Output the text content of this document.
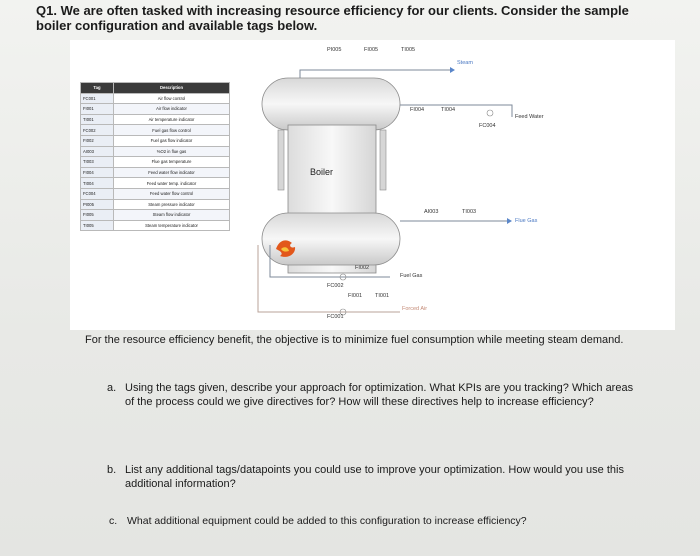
Q1. We are often tasked with increasing resource efficiency for our clients. Consider the sample boiler configuration and available tags below.
Tag	Description
FC001	Air flow control
FI001	Air flow indicator
TI001	Air temperature indicator
FC002	Fuel gas flow control
FI002	Fuel gas flow indicator
AI003	%O2 in flue gas
TI003	Flue gas temperature
FI004	Feed water flow indicator
TI004	Feed water temp. indicator
FC004	Feed water flow control
PI005	Steam pressure indicator
FI005	Steam flow indicator
TI005	Steam temperature indicator
PI005	FI005	TI005
Steam
FI004	TI004
Feed Water
FC004
Boiler
AI003	TI003
Flue Gas
FI002
Fuel Gas
FC002
FI001 TI001
Forced Air
FC001
For the resource efficiency benefit, the objective is to minimize fuel consumption while meeting steam demand.
a. Using the tags given, describe your approach for optimization. What KPIs are you tracking? Which areas of the process could we give directives for? How will these directives help to increase efficiency?
b. List any additional tags/datapoints you could use to improve your optimization. How would you use this additional information?
c. What additional equipment could be added to this configuration to increase efficiency?
